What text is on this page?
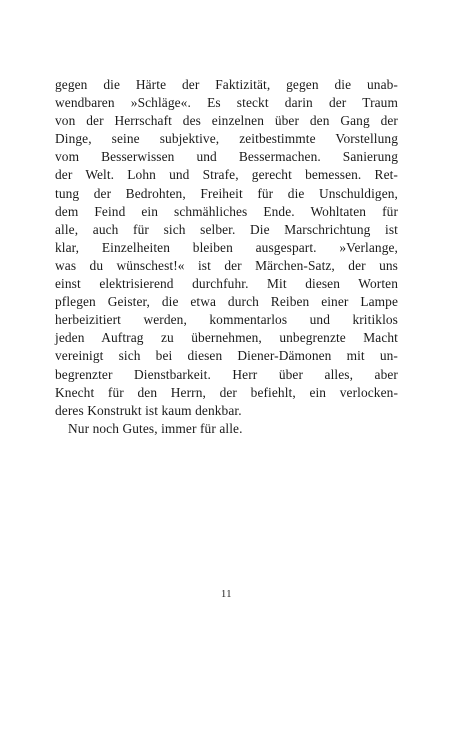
gegen die Härte der Faktizität, gegen die unab-
wendbaren »Schläge«. Es steckt darin der Traum
von der Herrschaft des einzelnen über den Gang der
Dinge, seine subjektive, zeitbestimmte Vorstellung
vom Besserwissen und Bessermachen. Sanierung
der Welt. Lohn und Strafe, gerecht bemessen. Ret-
tung der Bedrohten, Freiheit für die Unschuldigen,
dem Feind ein schmähliches Ende. Wohltaten für
alle, auch für sich selber. Die Marschrichtung ist
klar, Einzelheiten bleiben ausgespart. »Verlange,
was du wünschest!« ist der Märchen-Satz, der uns
einst elektrisierend durchfuhr. Mit diesen Worten
pflegen Geister, die etwa durch Reiben einer Lampe
herbeizitiert werden, kommentarlos und kritiklos
jeden Auftrag zu übernehmen, unbegrenzte Macht
vereinigt sich bei diesen Diener-Dämonen mit un-
begrenzter Dienstbarkeit. Herr über alles, aber
Knecht für den Herrn, der befiehlt, ein verlocken-
deres Konstrukt ist kaum denkbar.
Nur noch Gutes, immer für alle.
11
